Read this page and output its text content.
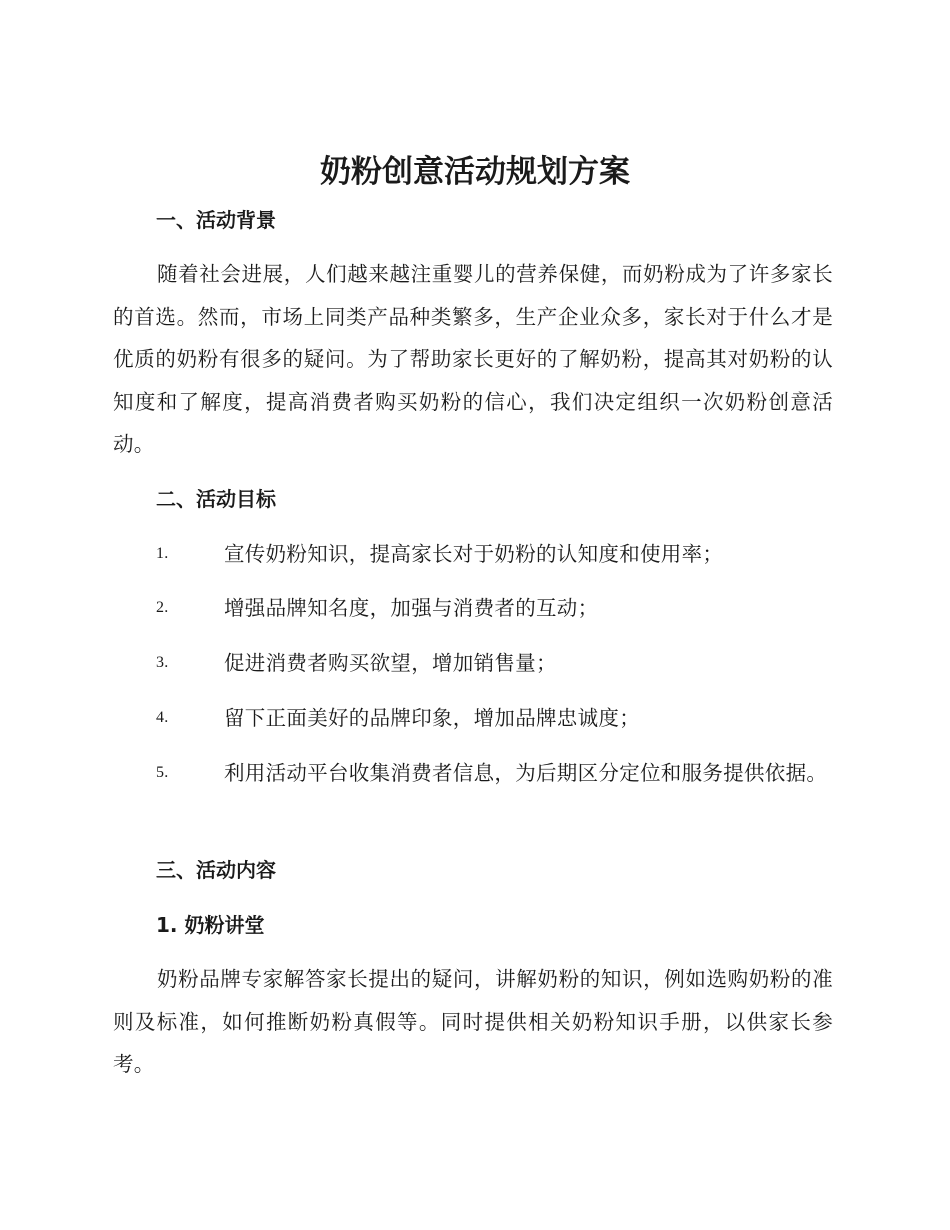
奶粉创意活动规划方案
一、活动背景

随着社会进展，人们越来越注重婴儿的营养保健，而奶粉成为了许多家长的首选。然而，市场上同类产品种类繁多，生产企业众多，家长对于什么才是优质的奶粉有很多的疑问。为了帮助家长更好的了解奶粉，提高其对奶粉的认知度和了解度，提高消费者购买奶粉的信心，我们决定组织一次奶粉创意活动。

二、活动目标
1.	宣传奶粉知识，提高家长对于奶粉的认知度和使用率；
2.	增强品牌知名度，加强与消费者的互动；
3.	促进消费者购买欲望，增加销售量；
4.	留下正面美好的品牌印象，增加品牌忠诚度；
5.	利用活动平台收集消费者信息，为后期区分定位和服务提供依据。
三、活动内容
1. 奶粉讲堂

奶粉品牌专家解答家长提出的疑问，讲解奶粉的知识，例如选购奶粉的准则及标准，如何推断奶粉真假等。同时提供相关奶粉知识手册，以供家长参考。
